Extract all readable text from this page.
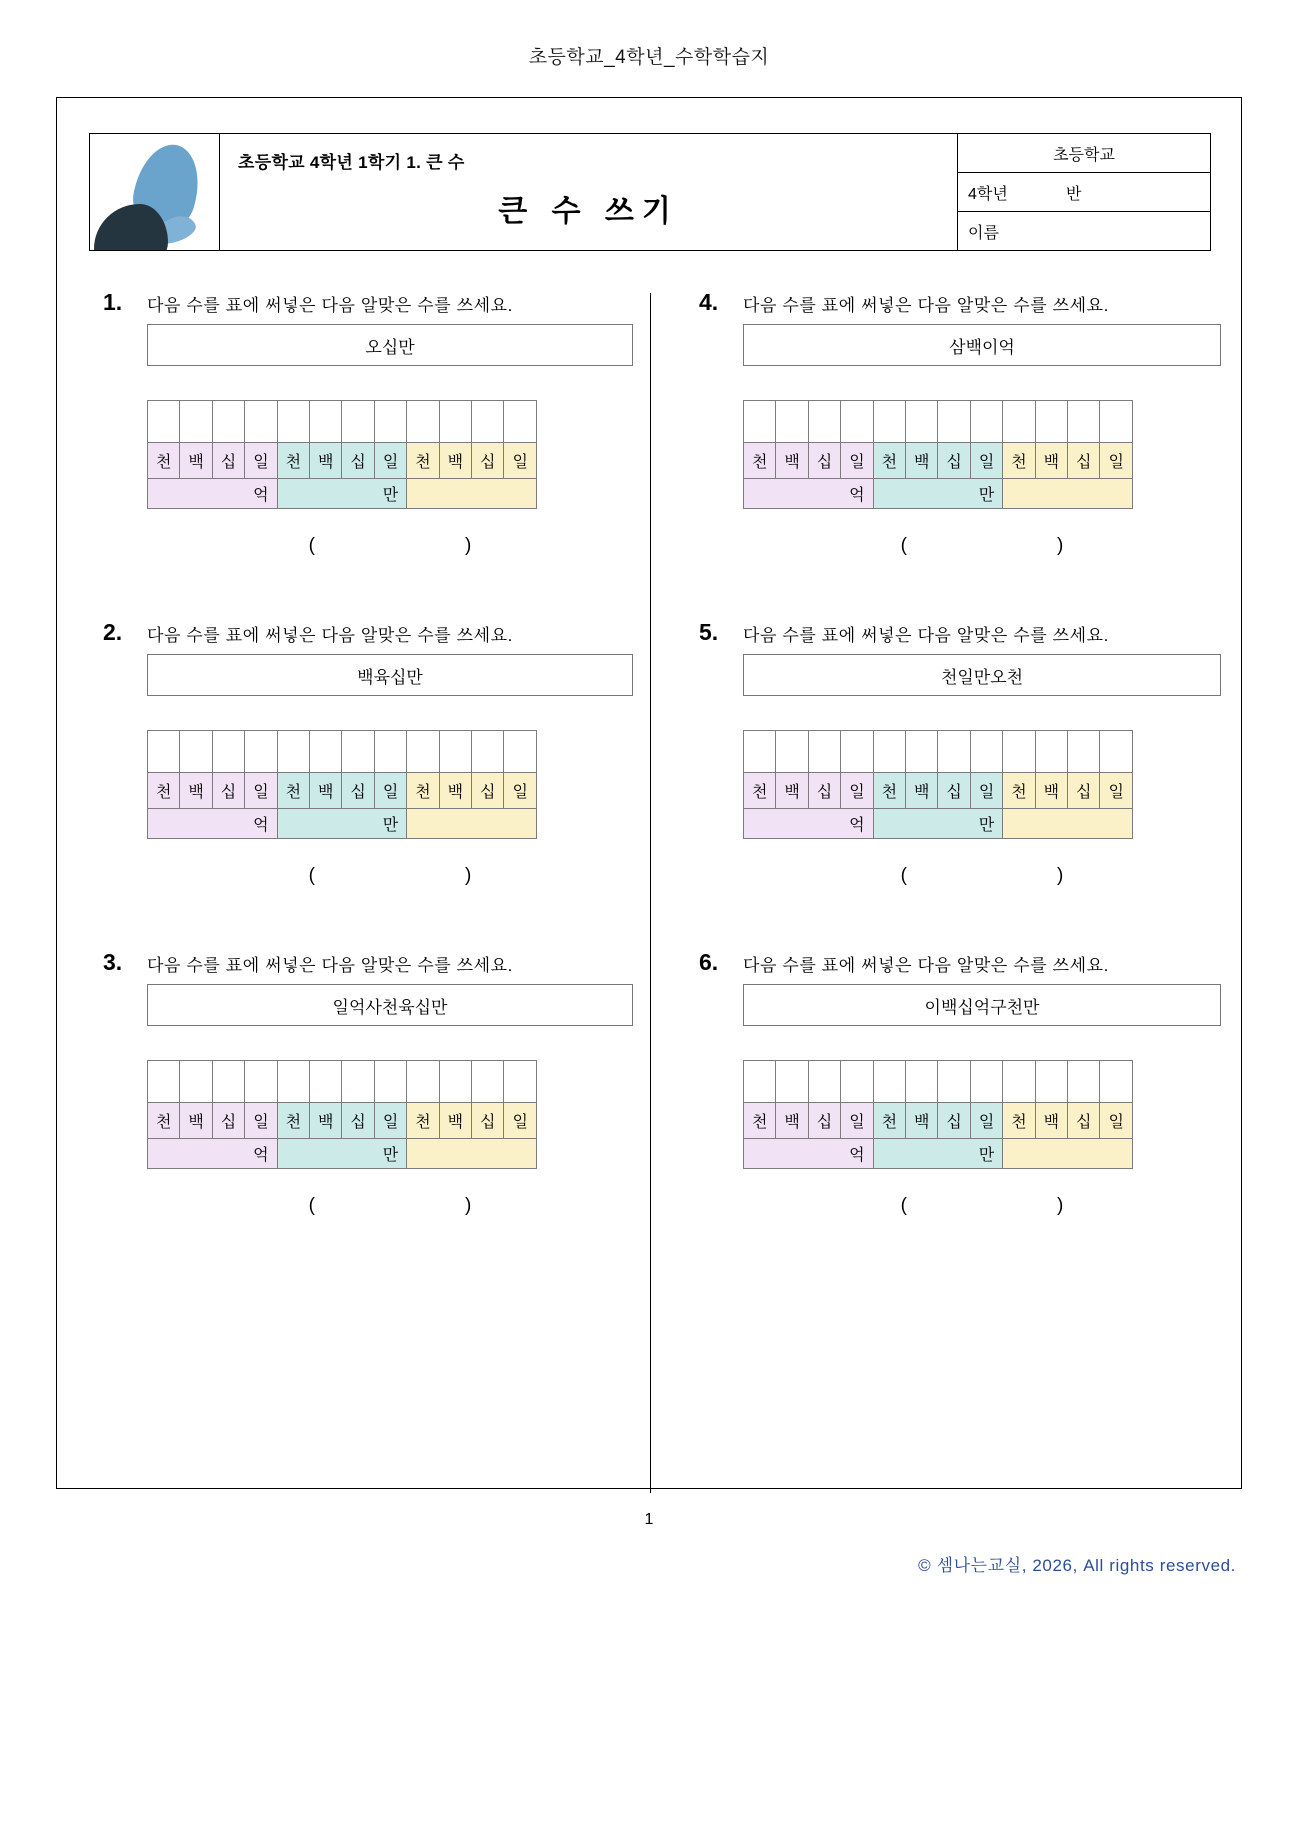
초등학교_4학년_수학학습지
초등학교 4학년 1학기 1. 큰 수
큰 수 쓰기
초등학교
4학년	반
이름
1.	다음 수를 표에 써넣은 다음 알맞은 수를 쓰세요.
오십만

천	백	십	일	천	백	십	일	천	백	십	일
억				만							
(	)
2.	다음 수를 표에 써넣은 다음 알맞은 수를 쓰세요.
백육십만

천	백	십	일	천	백	십	일	천	백	십	일
억				만							
(	)
3.	다음 수를 표에 써넣은 다음 알맞은 수를 쓰세요.
일억사천육십만

천	백	십	일	천	백	십	일	천	백	십	일
억				만							
(	)
4.	다음 수를 표에 써넣은 다음 알맞은 수를 쓰세요.
삼백이억

천	백	십	일	천	백	십	일	천	백	십	일
억				만							
(	)
5.	다음 수를 표에 써넣은 다음 알맞은 수를 쓰세요.
천일만오천

천	백	십	일	천	백	십	일	천	백	십	일
억				만							
(	)
6.	다음 수를 표에 써넣은 다음 알맞은 수를 쓰세요.
이백십억구천만

천	백	십	일	천	백	십	일	천	백	십	일
억				만							
(	)
1
© 셈나는교실, 2026, All rights reserved.
